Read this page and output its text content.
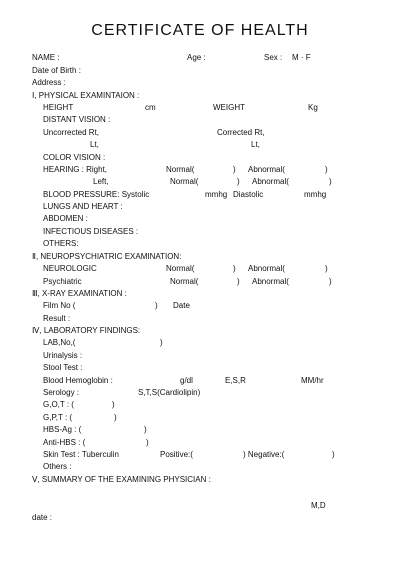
CERTIFICATE OF HEALTH
NAME :	Age :	Sex : M · F
Date of Birth :
Address :
Ⅰ, PHYSICAL EXAMINTAION :
HEIGHT	cm	WEIGHT	Kg
DISTANT VISION :
Uncorrected Rt,	Corrected Rt,
Lt,	Lt,
COLOR VISION :
HEARING : Right,	Normal(	) Abnormal(	)
Left,	Normal(	) Abnormal(	)
BLOOD PRESSURE: Systolic	mmhg Diastolic	mmhg
LUNGS AND HEART :
ABDOMEN :
INFECTIOUS DISEASES :
OTHERS:
Ⅱ, NEUROPSYCHIATRIC EXAMINATION:
NEUROLOGIC	Normal(	) Abnormal(	)
Psychiatric	Normal(	) Abnormal(	)
Ⅲ, X-RAY EXAMINATION :
Film No (	) Date
Result :
Ⅳ, LABORATORY FINDINGS:
LAB,No,(	)
Urinalysis :
Stool Test :
Blood Hemoglobin :	g/dl	E,S,R	MM/hr
Serology :	S,T,S(Cardiolipin)
G,O,T : (	)
G,P,T : (	)
HBS-Ag : (	)
Anti-HBS : (	)
Skin Test : Tuberculin	Positive:(	) Negative:(	)
Others :
Ⅴ, SUMMARY OF THE EXAMINING PHYSICIAN :
M,D
date :
